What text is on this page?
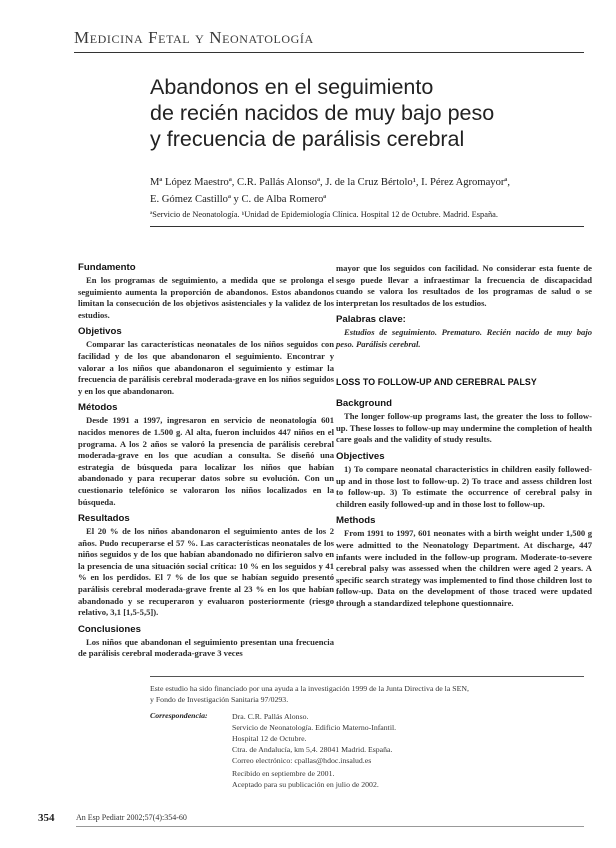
Medicina Fetal y Neonatología
Abandonos en el seguimiento
de recién nacidos de muy bajo peso
y frecuencia de parálisis cerebral
Mª López Maestroª, C.R. Pallás Alonsoª, J. de la Cruz Bértolo¹, I. Pérez Agromayorª,
E. Gómez Castilloª y C. de Alba Romeroª
ªServicio de Neonatología. ᵇUnidad de Epidemiología Clínica. Hospital 12 de Octubre. Madrid. España.
Fundamento

En los programas de seguimiento, a medida que se prolonga el seguimiento aumenta la proporción de abandonos. Estos abandonos limitan la consecución de los objetivos asistenciales y la validez de los estudios.

Objetivos

Comparar las características neonatales de los niños seguidos con facilidad y de los que abandonaron el seguimiento. Encontrar y valorar a los niños que abandonaron el seguimiento y estimar la frecuencia de parálisis cerebral moderada-grave en los niños seguidos y en los que abandonaron.

Métodos

Desde 1991 a 1997, ingresaron en servicio de neonatología 601 nacidos menores de 1.500 g. Al alta, fueron incluidos 447 niños en el programa. A los 2 años se valoró la presencia de parálisis cerebral moderada-grave en los que acudían a consulta. Se diseñó una estrategia de búsqueda para localizar los niños que habían abandonado y para recuperar datos sobre su evolución. Con un cuestionario telefónico se valoraron los niños localizados en la búsqueda.

Resultados

El 20 % de los niños abandonaron el seguimiento antes de los 2 años. Pudo recuperarse el 57 %. Las características neonatales de los niños seguidos y de los que habían abandonado no difirieron salvo en la presencia de una situación social crítica: 10 % en los seguidos y 41 % en los perdidos. El 7 % de los que se habían seguido presentó parálisis cerebral moderada-grave frente al 23 % en los que habían abandonado y se recuperaron y evaluaron posteriormente (riesgo relativo, 3,1 [1,5-5,5]).

Conclusiones

Los niños que abandonan el seguimiento presentan una frecuencia de parálisis cerebral moderada-grave 3 veces

mayor que los seguidos con facilidad. No considerar esta fuente de sesgo puede llevar a infraestimar la frecuencia de discapacidad cuando se valora los resultados de los programas de salud o se interpretan los resultados de los estudios.

Palabras clave:

Estudios de seguimiento. Prematuro. Recién nacido de muy bajo peso. Parálisis cerebral.

LOSS TO FOLLOW-UP AND CEREBRAL PALSY
Background

The longer follow-up programs last, the greater the loss to follow-up. These losses to follow-up may undermine the completion of health care goals and the validity of study results.

Objectives

1) To compare neonatal characteristics in children easily followed-up and in those lost to follow-up. 2) To trace and assess children lost to follow-up. 3) To estimate the occurrence of cerebral palsy in children easily followed-up and in those lost to follow-up.

Methods

From 1991 to 1997, 601 neonates with a birth weight under 1,500 g were admitted to the Neonatology Department. At discharge, 447 infants were included in the follow-up program. Moderate-to-severe cerebral palsy was assessed when the children were aged 2 years. A specific search strategy was implemented to find those children lost to follow-up. Data on the development of those traced were updated through a standardized telephone questionnaire.

Este estudio ha sido financiado por una ayuda a la investigación 1999 de la Junta Directiva de la SEN,
y Fondo de Investigación Sanitaria 97/0293.
Correspondencia:	Dra. C.R. Pallás Alonso.
Servicio de Neonatología. Edificio Materno-Infantil.
Hospital 12 de Octubre.
Ctra. de Andalucía, km 5,4. 28041 Madrid. España.
Correo electrónico: cpallas@hdoc.insalud.es
Recibido en septiembre de 2001.
Aceptado para su publicación en julio de 2002.
354	An Esp Pediatr 2002;57(4):354-60
